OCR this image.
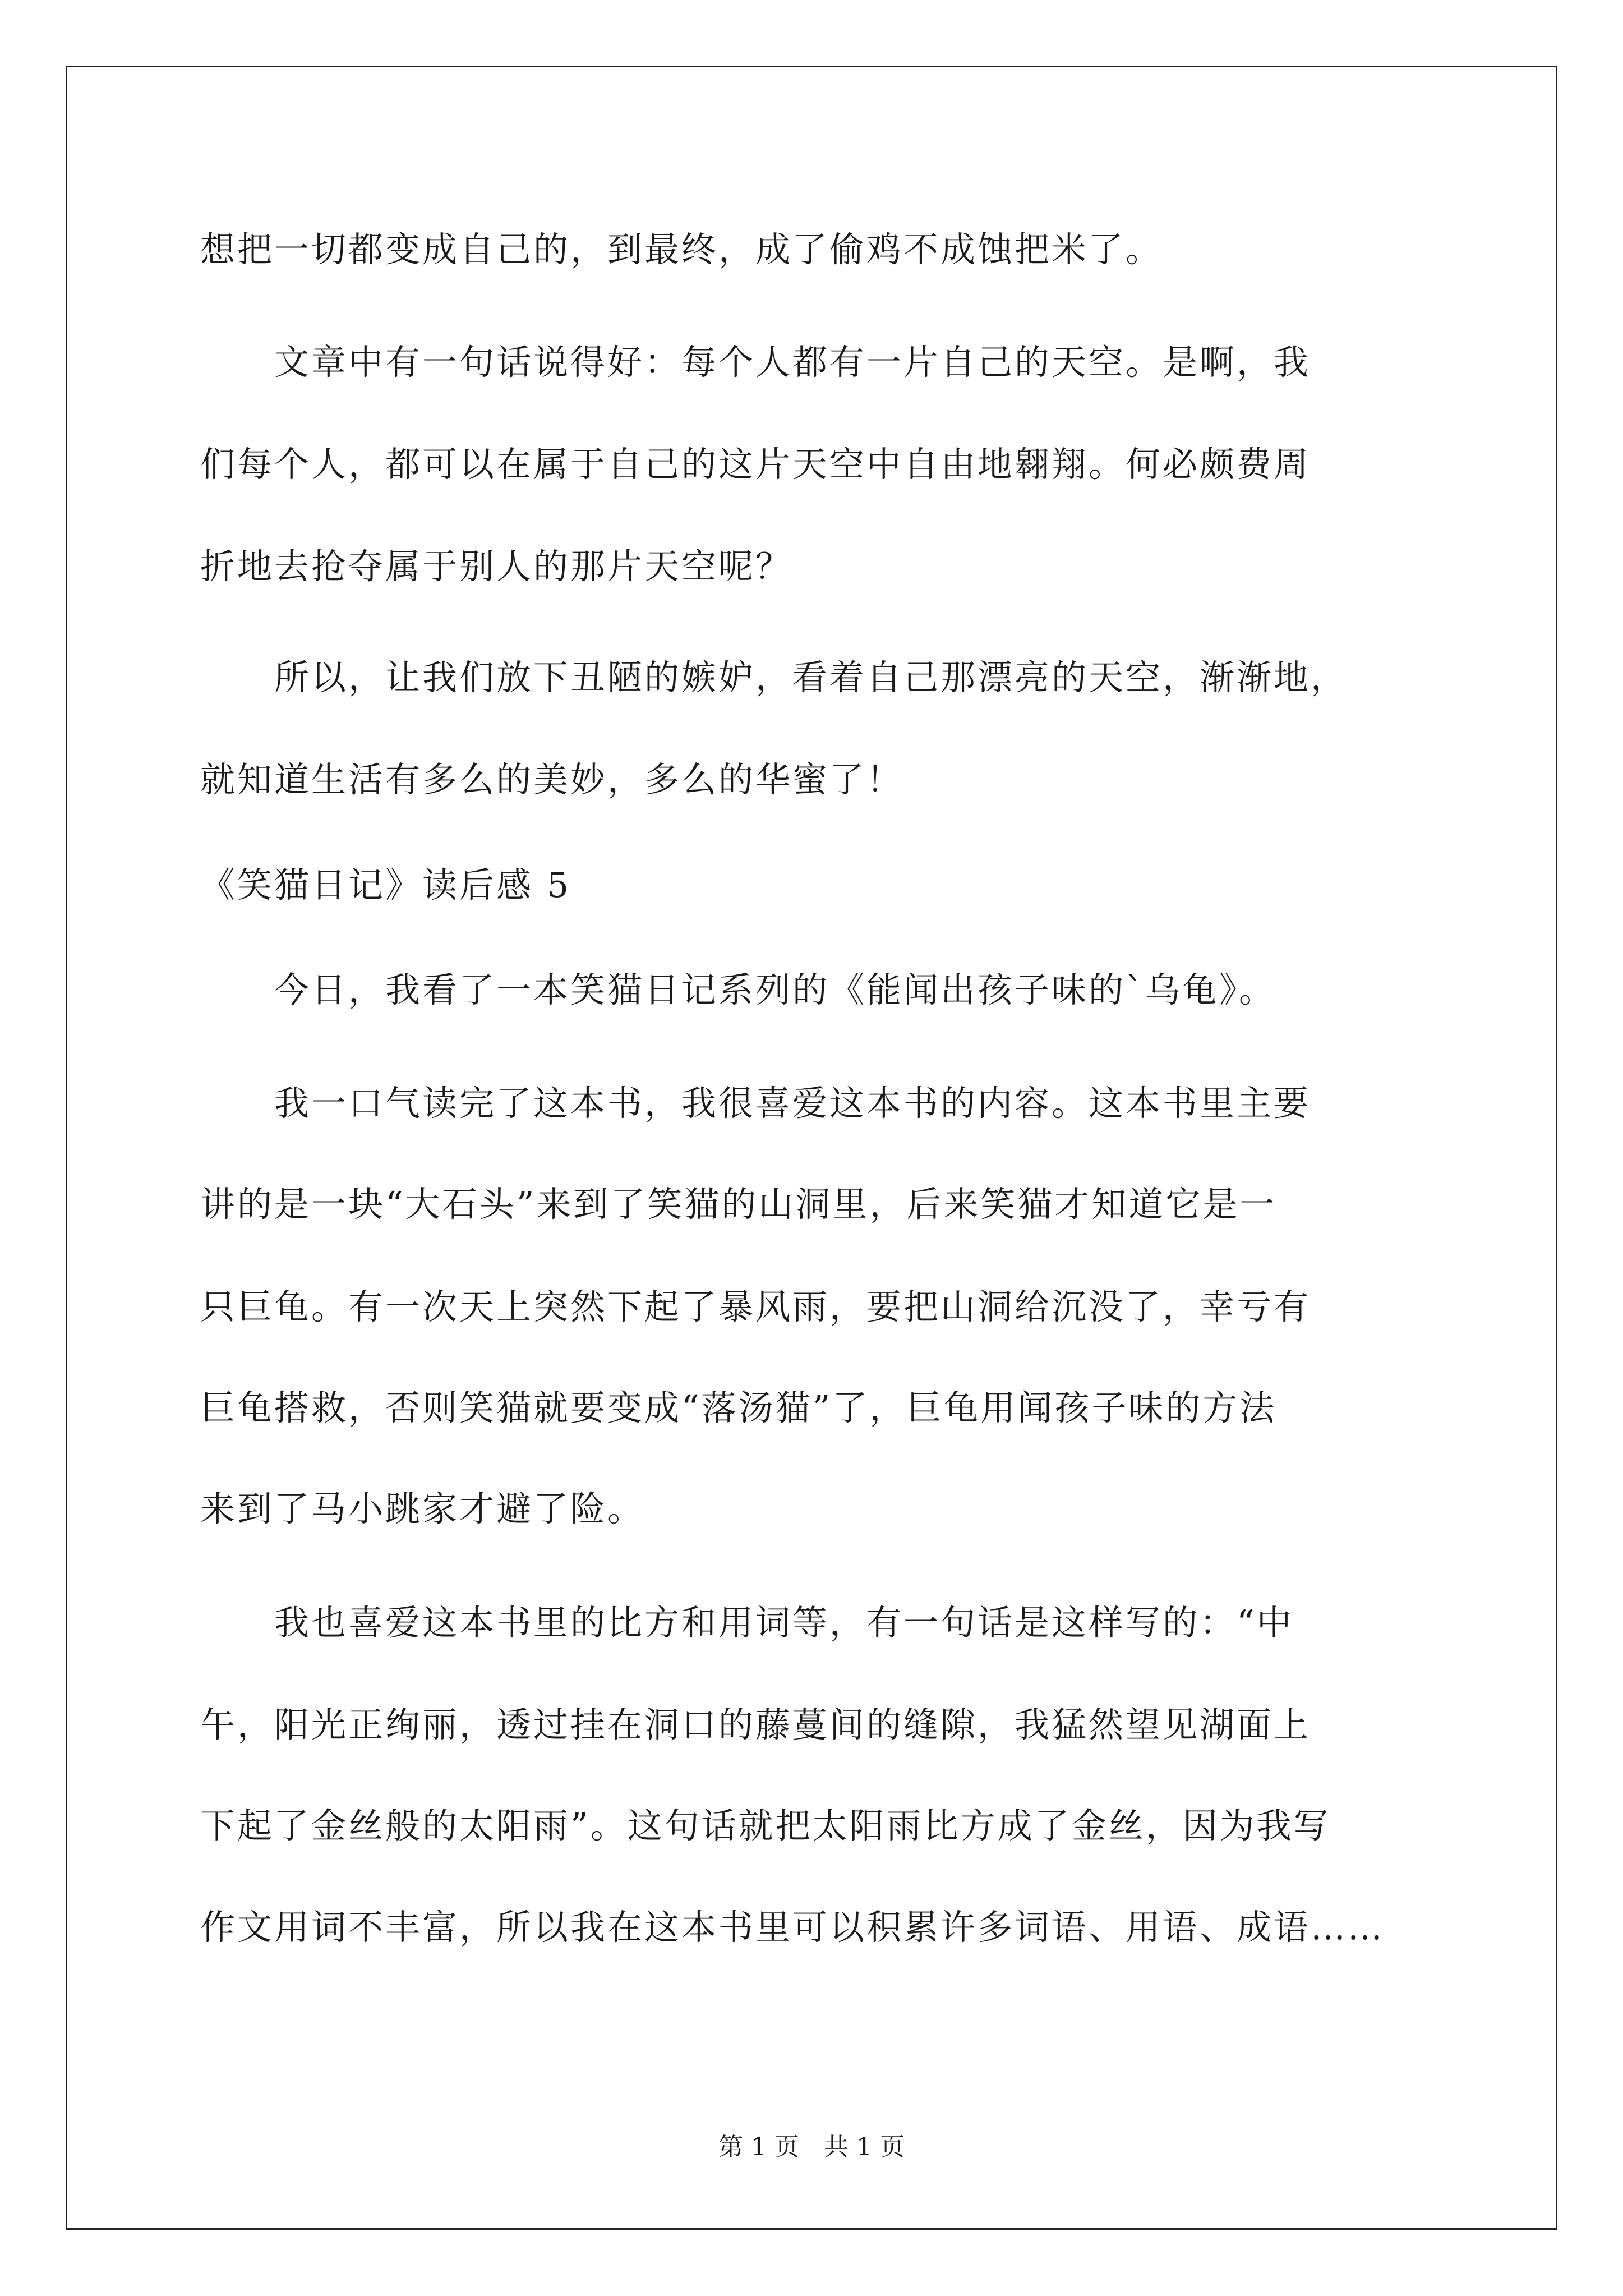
想把一切都变成自己的，到最终，成了偷鸡不成蚀把米了。
　　文章中有一句话说得好：每个人都有一片自己的天空。是啊，我
们每个人，都可以在属于自己的这片天空中自由地翱翔。何必颇费周
折地去抢夺属于别人的那片天空呢？
　　所以，让我们放下丑陋的嫉妒，看着自己那漂亮的天空，渐渐地，
就知道生活有多么的美妙，多么的华蜜了！
《笑猫日记》读后感 5
　　今日，我看了一本笑猫日记系列的《能闻出孩子味的`乌龟》。
　　我一口气读完了这本书，我很喜爱这本书的内容。这本书里主要
讲的是一块“大石头”来到了笑猫的山洞里，后来笑猫才知道它是一
只巨龟。有一次天上突然下起了暴风雨，要把山洞给沉没了，幸亏有
巨龟搭救，否则笑猫就要变成“落汤猫”了，巨龟用闻孩子味的方法
来到了马小跳家才避了险。
　　我也喜爱这本书里的比方和用词等，有一句话是这样写的：“中
午，阳光正绚丽，透过挂在洞口的藤蔓间的缝隙，我猛然望见湖面上
下起了金丝般的太阳雨”。这句话就把太阳雨比方成了金丝，因为我写
作文用词不丰富，所以我在这本书里可以积累许多词语、用语、成语……
第 1 页　共 1 页
